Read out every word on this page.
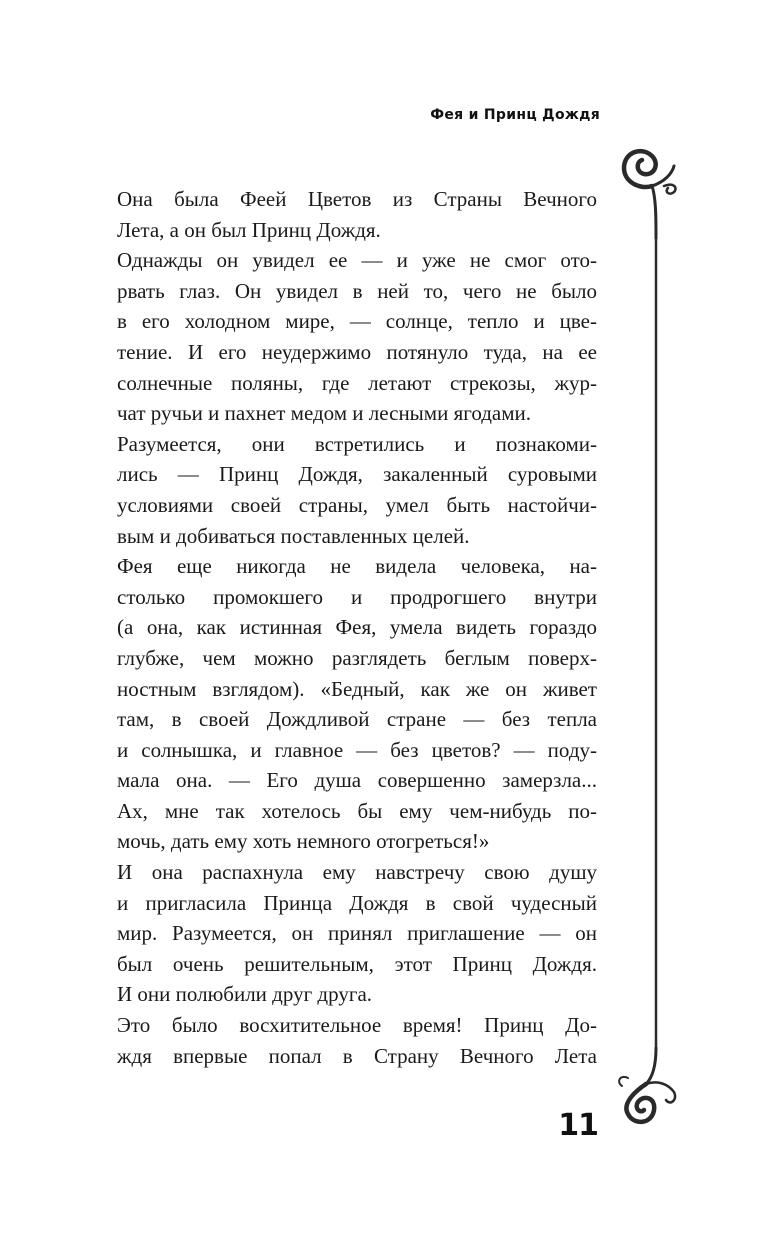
Фея и Принц Дождя
Она была Феей Цветов из Страны Вечного
Лета, а он был Принц Дождя.
Однажды он увидел ее — и уже не смог ото-
рвать глаз. Он увидел в ней то, чего не было
в его холодном мире, — солнце, тепло и цве-
тение. И его неудержимо потянуло туда, на ее
солнечные поляны, где летают стрекозы, жур-
чат ручьи и пахнет медом и лесными ягодами.
Разумеется, они встретились и познакоми-
лись — Принц Дождя, закаленный суровыми
условиями своей страны, умел быть настойчи-
вым и добиваться поставленных целей.
Фея еще никогда не видела человека, на-
столько промокшего и продрогшего внутри
(а она, как истинная Фея, умела видеть гораздо
глубже, чем можно разглядеть беглым поверх-
ностным взглядом). «Бедный, как же он живет
там, в своей Дождливой стране — без тепла
и солнышка, и главное — без цветов? — поду-
мала она. — Его душа совершенно замерзла...
Ах, мне так хотелось бы ему чем-нибудь по-
мочь, дать ему хоть немного отогреться!»
И она распахнула ему навстречу свою душу
и пригласила Принца Дождя в свой чудесный
мир. Разумеется, он принял приглашение — он
был очень решительным, этот Принц Дождя.
И они полюбили друг друга.
Это было восхитительное время! Принц До-
ждя впервые попал в Страну Вечного Лета
11
